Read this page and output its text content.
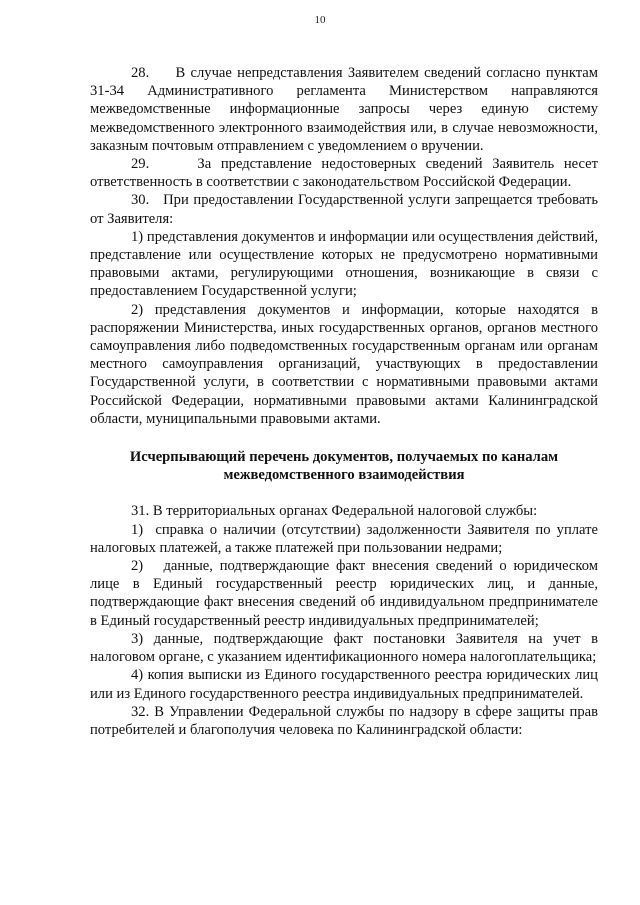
10

28.     В случае непредставления Заявителем сведений согласно пунктам 31-34 Административного регламента Министерством направляются межведомственные информационные запросы через единую систему межведомственного электронного взаимодействия или, в случае невозможности, заказным почтовым отправлением с уведомлением о вручении.

29.     За представление недостоверных сведений Заявитель несет ответственность в соответствии с законодательством Российской Федерации.

30.   При предоставлении Государственной услуги запрещается требовать от Заявителя:

1) представления документов и информации или осуществления действий, представление или осуществление которых не предусмотрено нормативными правовыми актами, регулирующими отношения, возникающие в связи с предоставлением Государственной услуги;

2) представления документов и информации, которые находятся в распоряжении Министерства, иных государственных органов, органов местного самоуправления либо подведомственных государственным органам или органам местного самоуправления организаций, участвующих в предоставлении Государственной услуги, в соответствии с нормативными правовыми актами Российской Федерации, нормативными правовыми актами Калининградской области, муниципальными правовыми актами.

Исчерпывающий перечень документов, получаемых по каналам
межведомственного взаимодействия

31. В территориальных органах Федеральной налоговой службы:

1)  справка о наличии (отсутствии) задолженности Заявителя по уплате налоговых платежей, а также платежей при пользовании недрами;

2)   данные, подтверждающие факт внесения сведений о юридическом лице в Единый государственный реестр юридических лиц, и данные, подтверждающие факт внесения сведений об индивидуальном предпринимателе в Единый государственный реестр индивидуальных предпринимателей;

3) данные, подтверждающие факт постановки Заявителя на учет в налоговом органе, с указанием идентификационного номера налогоплательщика;

4) копия выписки из Единого государственного реестра юридических лиц или из Единого государственного реестра индивидуальных предпринимателей.

32. В Управлении Федеральной службы по надзору в сфере защиты прав потребителей и благополучия человека по Калининградской области:
